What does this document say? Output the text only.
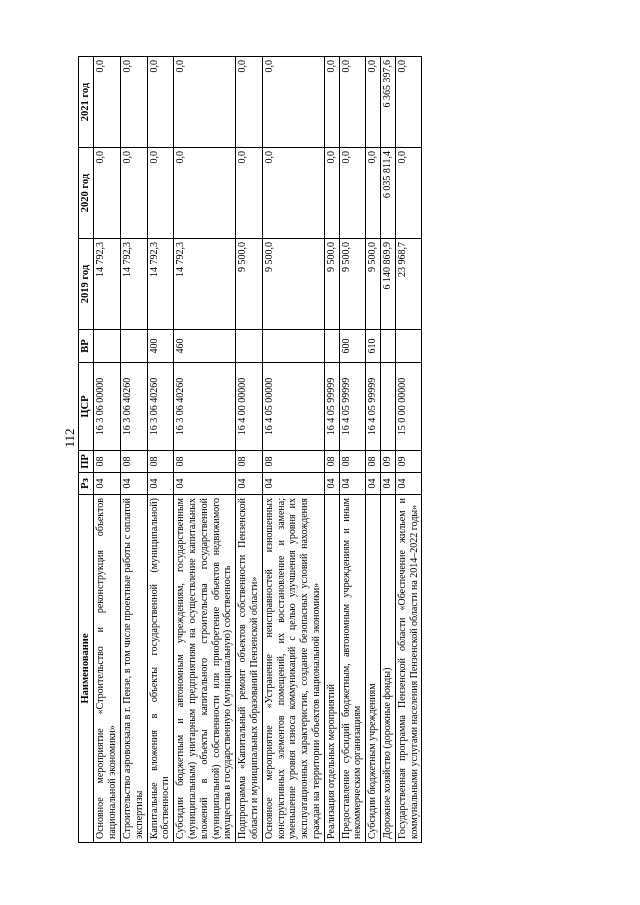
112
Наименование	Рз	ПР	ЦСР	ВР	2019 год	2020 год	2021 год
Основное мероприятие «Строительство и реконструкция объектов национальной экономики»	04	08	16 3 06 00000		14 792,3	0,0	0,0
Строительство аэровокзала в г. Пензе, в том числе проектные работы с оплатой экспертизы	04	08	16 3 06 40260		14 792,3	0,0	0,0
Капитальные вложения в объекты государственной (муниципальной) собственности	04	08	16 3 06 40260	400	14 792,3	0,0	0,0
Субсидии бюджетным и автономным учреждениям, государственным (муниципальным) унитарным предприятиям на осуществление капитальных вложений в объекты капитального строительства государственной (муниципальной) собственности или приобретение объектов недвижимого имущества в государственную (муниципальную) собственность	04	08	16 3 06 40260	460	14 792,3	0,0	0,0
Подпрограмма «Капитальный ремонт объектов собственности Пензенской области и муниципальных образований Пензенской области»	04	08	16 4 00 00000		9 500,0	0,0	0,0
Основное мероприятие «Устранение неисправностей изношенных конструктивных элементов помещений, их восстановление и замена; уменьшение уровня износа коммуникаций с целью улучшения уровня их эксплуатационных характеристик, создание безопасных условий нахождения граждан на территории объектов национальной экономики»	04	08	16 4 05 00000		9 500,0	0,0	0,0
Реализация отдельных мероприятий	04	08	16 4 05 99999		9 500,0	0,0	0,0
Предоставление субсидий бюджетным, автономным учреждениям и иным некоммерческим организациям	04	08	16 4 05 99999	600	9 500,0	0,0	0,0
Субсидии бюджетным учреждениям	04	08	16 4 05 99999	610	9 500,0	0,0	0,0
Дорожное хозяйство (дорожные фонды)	04	09			6 140 869,9	6 035 811,4	6 365 397,6
Государственная программа Пензенской области «Обеспечение жильем и коммунальными услугами населения Пензенской области на 2014–2022 годы»	04	09	15 0 00 00000		23 968,7	0,0	0,0
